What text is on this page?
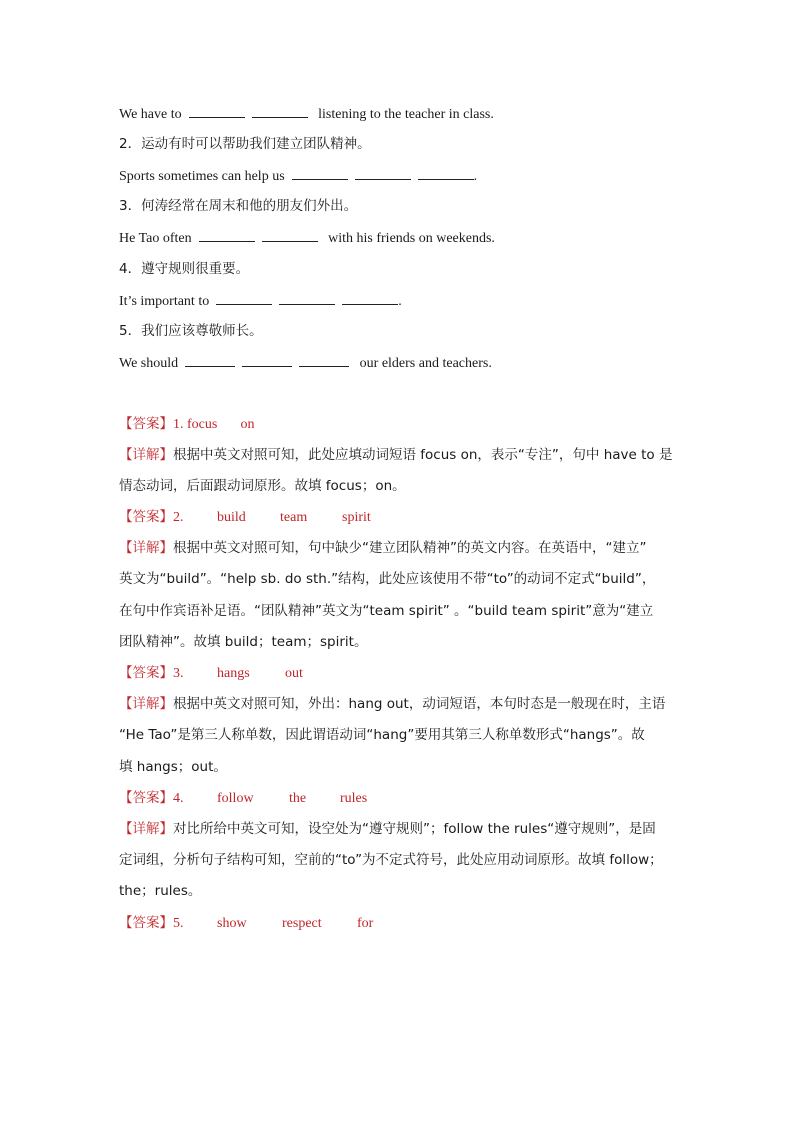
We have to	listening to the teacher in class.
2．运动有时可以帮助我们建立团队精神。
Sports sometimes can help us	.
3．何涛经常在周末和他的朋友们外出。
He Tao often	with his friends on weekends.
4．遵守规则很重要。
It’s important to	.
5．我们应该尊敬师长。
We should	our elders and teachers.
【答案】1. focus on
【详解】根据中英文对照可知，此处应填动词短语 focus on，表示“专注”，句中 have to 是
情态动词，后面跟动词原形。故填 focus；on。
【答案】2. build team spirit
【详解】根据中英文对照可知，句中缺少“建立团队精神”的英文内容。在英语中，“建立”
英文为“build”。“help sb. do sth.”结构，此处应该使用不带“to”的动词不定式“build”，
在句中作宾语补足语。“团队精神”英文为“team spirit” 。“build team spirit”意为“建立
团队精神”。故填 build；team；spirit。
【答案】3. hangs	out
【详解】根据中英文对照可知，外出：hang out，动词短语，本句时态是一般现在时，主语
“He Tao”是第三人称单数，因此谓语动词“hang”要用其第三人称单数形式“hangs”。故
填 hangs；out。
【答案】4. follow	the rules
【详解】对比所给中英文可知，设空处为“遵守规则”；follow the rules“遵守规则”，是固
定词组，分析句子结构可知，空前的“to”为不定式符号，此处应用动词原形。故填 follow；
the；rules。
【答案】5. show	respect	for
